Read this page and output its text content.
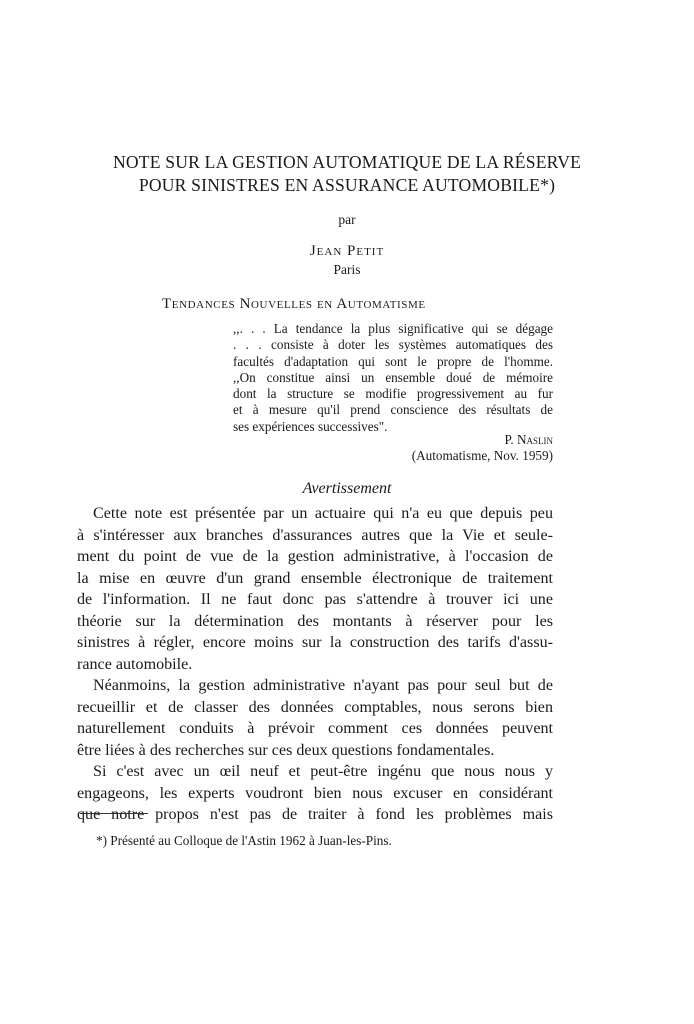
NOTE SUR LA GESTION AUTOMATIQUE DE LA RÉSERVE
POUR SINISTRES EN ASSURANCE AUTOMOBILE*)
par
Jean Petit
Paris
Tendances Nouvelles en Automatisme
,,. . . La tendance la plus significative qui se dégage
. . . consiste à doter les systèmes automatiques des
facultés d'adaptation qui sont le propre de l'homme.
,,On constitue ainsi un ensemble doué de mémoire
dont la structure se modifie progressivement au fur
et à mesure qu'il prend conscience des résultats de
ses expériences successives".
P. Naslin
(Automatisme, Nov. 1959)
Avertissement
Cette note est présentée par un actuaire qui n'a eu que depuis peu
à s'intéresser aux branches d'assurances autres que la Vie et seule-
ment du point de vue de la gestion administrative, à l'occasion de
la mise en œuvre d'un grand ensemble électronique de traitement
de l'information. Il ne faut donc pas s'attendre à trouver ici une
théorie sur la détermination des montants à réserver pour les
sinistres à régler, encore moins sur la construction des tarifs d'assu-
rance automobile.
Néanmoins, la gestion administrative n'ayant pas pour seul but de
recueillir et de classer des données comptables, nous serons bien
naturellement conduits à prévoir comment ces données peuvent
être liées à des recherches sur ces deux questions fondamentales.
Si c'est avec un œil neuf et peut-être ingénu que nous nous y
engageons, les experts voudront bien nous excuser en considérant
que notre propos n'est pas de traiter à fond les problèmes mais
*) Présenté au Colloque de l'Astin 1962 à Juan-les-Pins.
